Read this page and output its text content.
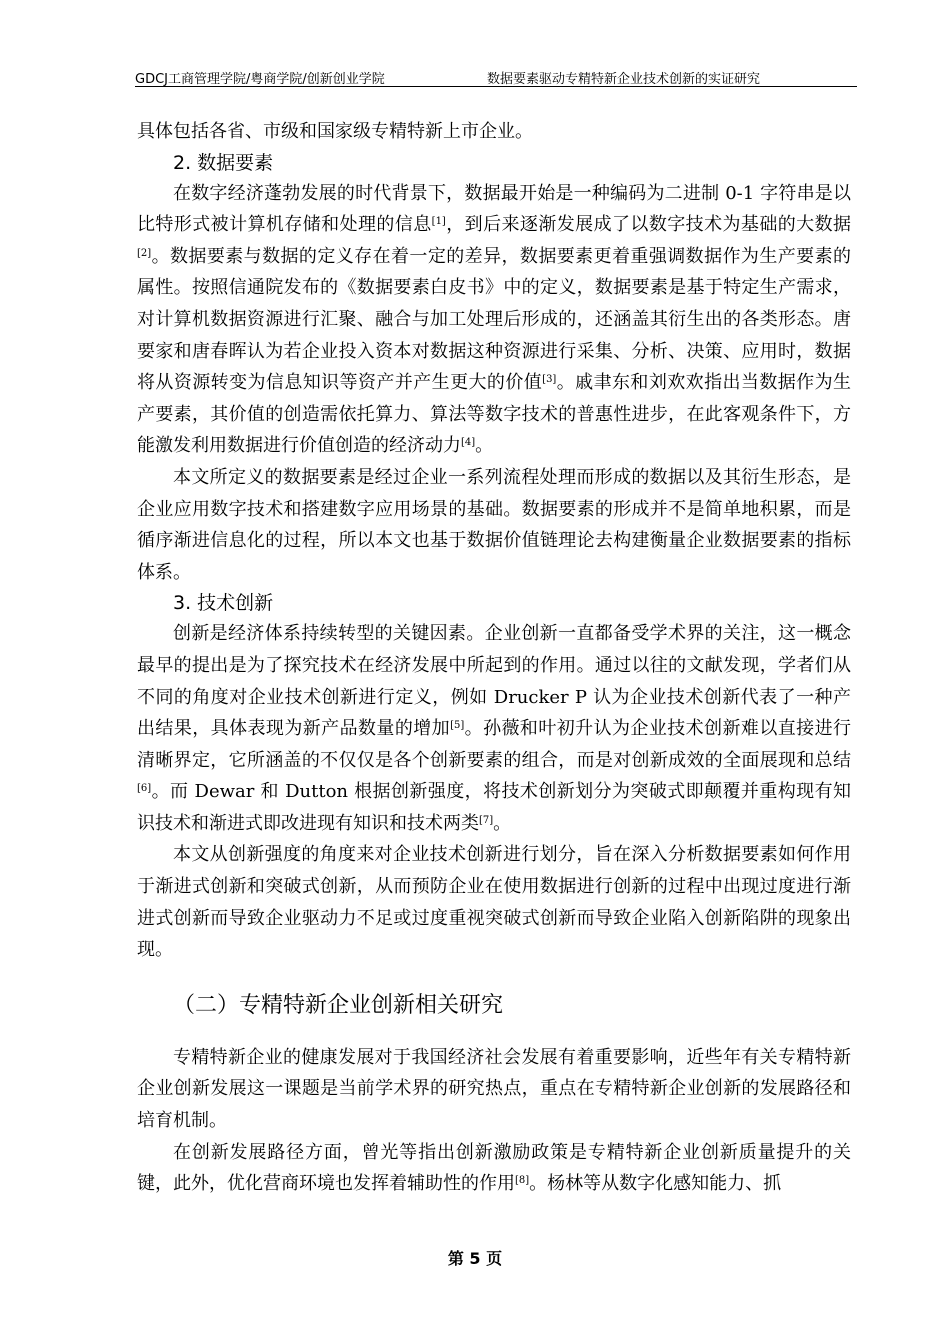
GDCJ工商管理学院/粤商学院/创新创业学院	数据要素驱动专精特新企业技术创新的实证研究

具体包括各省、市级和国家级专精特新上市企业。

2. 数据要素

在数字经济蓬勃发展的时代背景下，数据最开始是一种编码为二进制 0-1 字符串是以比特形式被计算机存储和处理的信息[1]，到后来逐渐发展成了以数字技术为基础的大数据[2]。数据要素与数据的定义存在着一定的差异，数据要素更着重强调数据作为生产要素的属性。按照信通院发布的《数据要素白皮书》中的定义，数据要素是基于特定生产需求，对计算机数据资源进行汇聚、融合与加工处理后形成的，还涵盖其衍生出的各类形态。唐要家和唐春晖认为若企业投入资本对数据这种资源进行采集、分析、决策、应用时，数据将从资源转变为信息知识等资产并产生更大的价值[3]。戚聿东和刘欢欢指出当数据作为生产要素，其价值的创造需依托算力、算法等数字技术的普惠性进步，在此客观条件下，方能激发利用数据进行价值创造的经济动力[4]。

本文所定义的数据要素是经过企业一系列流程处理而形成的数据以及其衍生形态，是企业应用数字技术和搭建数字应用场景的基础。数据要素的形成并不是简单地积累，而是循序渐进信息化的过程，所以本文也基于数据价值链理论去构建衡量企业数据要素的指标体系。

3. 技术创新

创新是经济体系持续转型的关键因素。企业创新一直都备受学术界的关注，这一概念最早的提出是为了探究技术在经济发展中所起到的作用。通过以往的文献发现，学者们从不同的角度对企业技术创新进行定义，例如 Drucker P 认为企业技术创新代表了一种产出结果，具体表现为新产品数量的增加[5]。孙薇和叶初升认为企业技术创新难以直接进行清晰界定，它所涵盖的不仅仅是各个创新要素的组合，而是对创新成效的全面展现和总结[6]。而 Dewar 和 Dutton 根据创新强度，将技术创新划分为突破式即颠覆并重构现有知识技术和渐进式即改进现有知识和技术两类[7]。

本文从创新强度的角度来对企业技术创新进行划分，旨在深入分析数据要素如何作用于渐进式创新和突破式创新，从而预防企业在使用数据进行创新的过程中出现过度进行渐进式创新而导致企业驱动力不足或过度重视突破式创新而导致企业陷入创新陷阱的现象出现。

（二）专精特新企业创新相关研究

专精特新企业的健康发展对于我国经济社会发展有着重要影响，近些年有关专精特新企业创新发展这一课题是当前学术界的研究热点，重点在专精特新企业创新的发展路径和培育机制。

在创新发展路径方面，曾光等指出创新激励政策是专精特新企业创新质量提升的关键，此外，优化营商环境也发挥着辅助性的作用[8]。杨林等从数字化感知能力、抓

第 5 页
